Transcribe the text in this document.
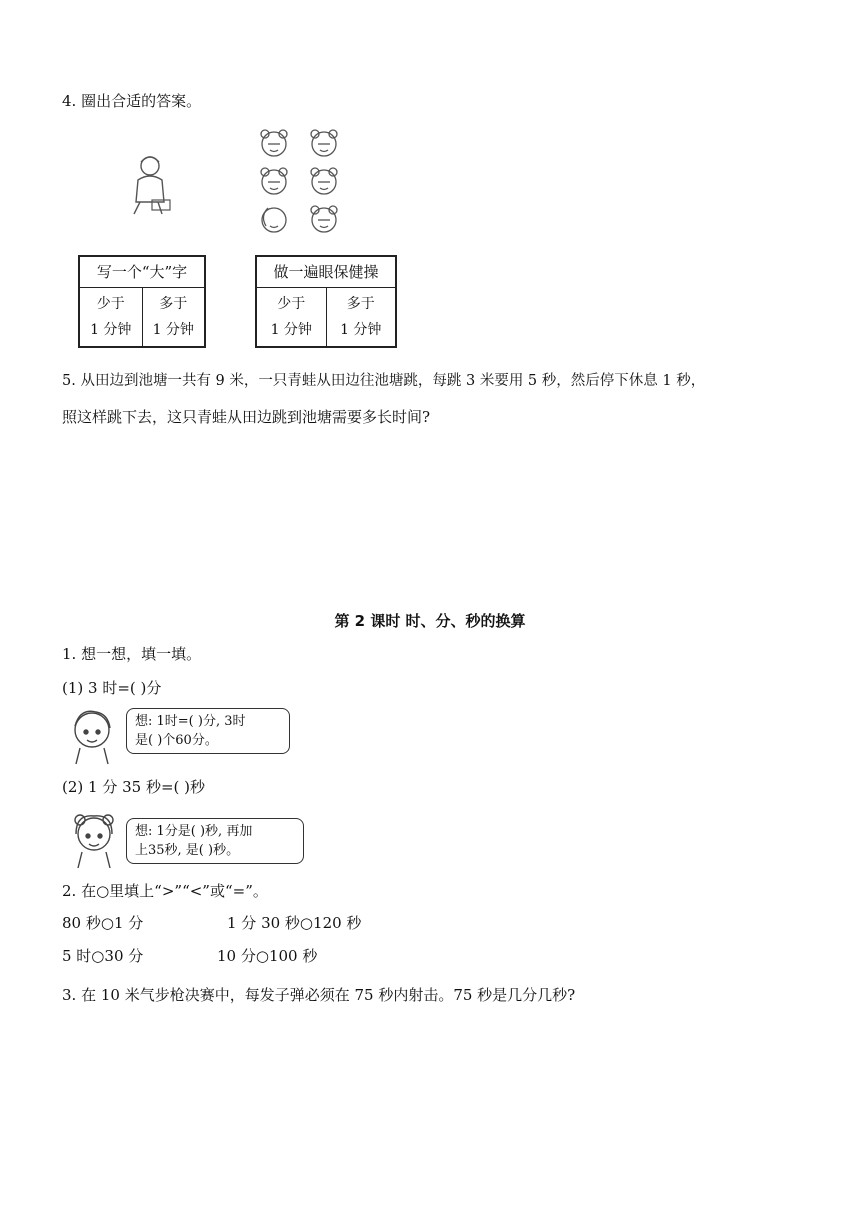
4. 圈出合适的答案。
写一个“大”字
少于
1 分钟
多于
1 分钟
做一遍眼保健操
少于
1 分钟
多于
1 分钟
5. 从田边到池塘一共有 9 米，一只青蛙从田边往池塘跳，每跳 3 米要用 5 秒，然后停下休息 1 秒，
照这样跳下去，这只青蛙从田边跳到池塘需要多长时间?
第 2 课时 时、分、秒的换算
1. 想一想，填一填。
(1) 3 时=( )分
想: 1时=( )分, 3时
是( )个60分。
(2) 1 分 35 秒=( )秒
想: 1分是( )秒, 再加
上35秒, 是( )秒。
2. 在○里填上“>”“<”或“=”。
80 秒○1 分	1 分 30 秒○120 秒
5 时○30 分	10 分○100 秒
3. 在 10 米气步枪决赛中，每发子弹必须在 75 秒内射击。75 秒是几分几秒?
